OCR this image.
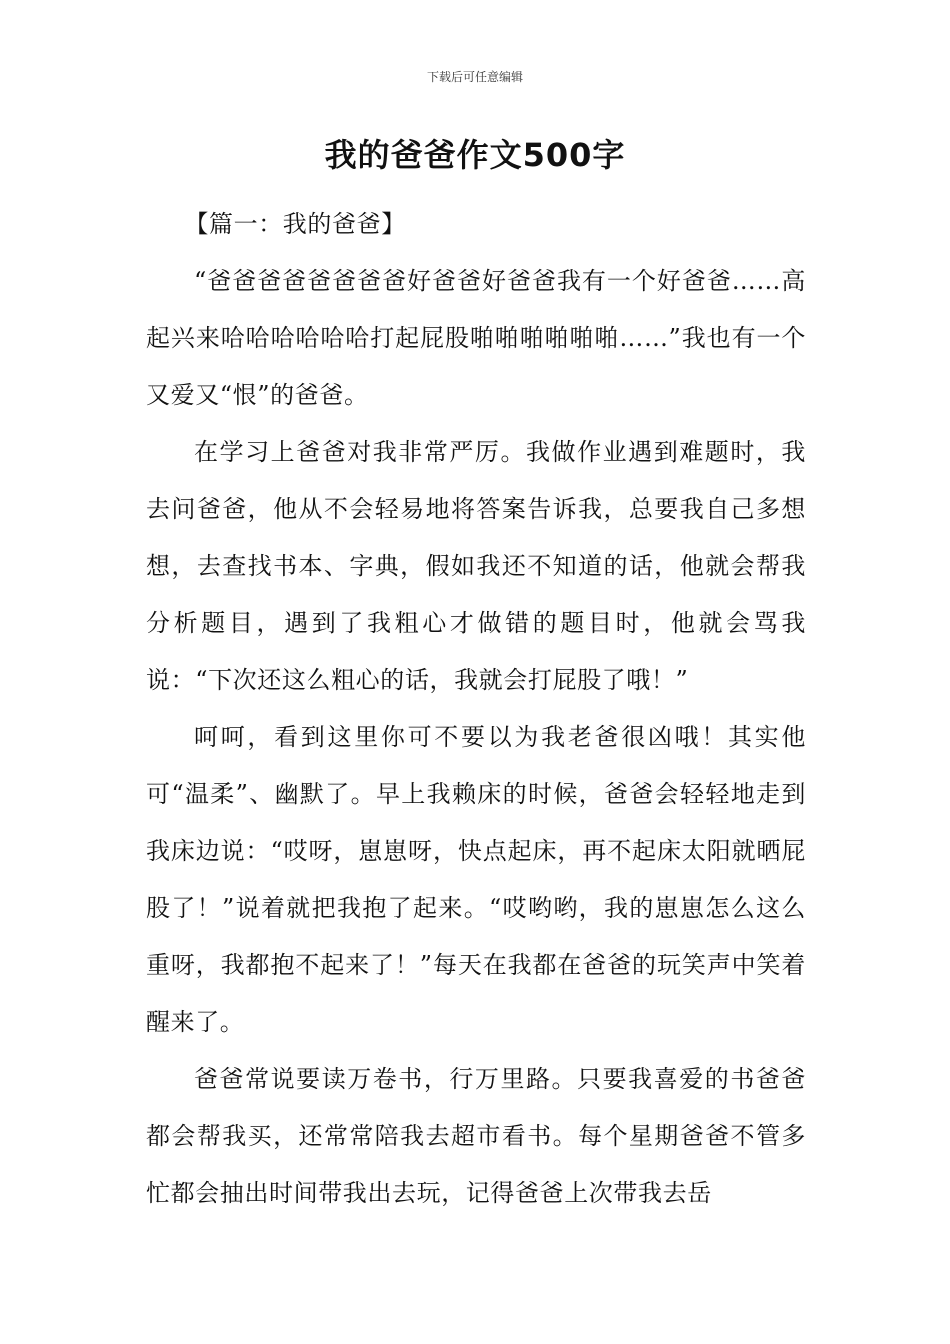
下载后可任意编辑
我的爸爸作文500字

【篇一：我的爸爸】

“爸爸爸爸爸爸爸爸好爸爸好爸爸我有一个好爸爸……高起兴来哈哈哈哈哈哈打起屁股啪啪啪啪啪啪……”我也有一个又爱又“恨”的爸爸。

在学习上爸爸对我非常严厉。我做作业遇到难题时，我去问爸爸，他从不会轻易地将答案告诉我，总要我自己多想想，去查找书本、字典，假如我还不知道的话，他就会帮我分析题目，遇到了我粗心才做错的题目时，他就会骂我说：“下次还这么粗心的话，我就会打屁股了哦！”

呵呵，看到这里你可不要以为我老爸很凶哦！其实他可“温柔”、幽默了。早上我赖床的时候，爸爸会轻轻地走到我床边说：“哎呀，崽崽呀，快点起床，再不起床太阳就晒屁股了！”说着就把我抱了起来。“哎哟哟，我的崽崽怎么这么重呀，我都抱不起来了！”每天在我都在爸爸的玩笑声中笑着醒来了。

爸爸常说要读万卷书，行万里路。只要我喜爱的书爸爸都会帮我买，还常常陪我去超市看书。每个星期爸爸不管多忙都会抽出时间带我出去玩，记得爸爸上次带我去岳
